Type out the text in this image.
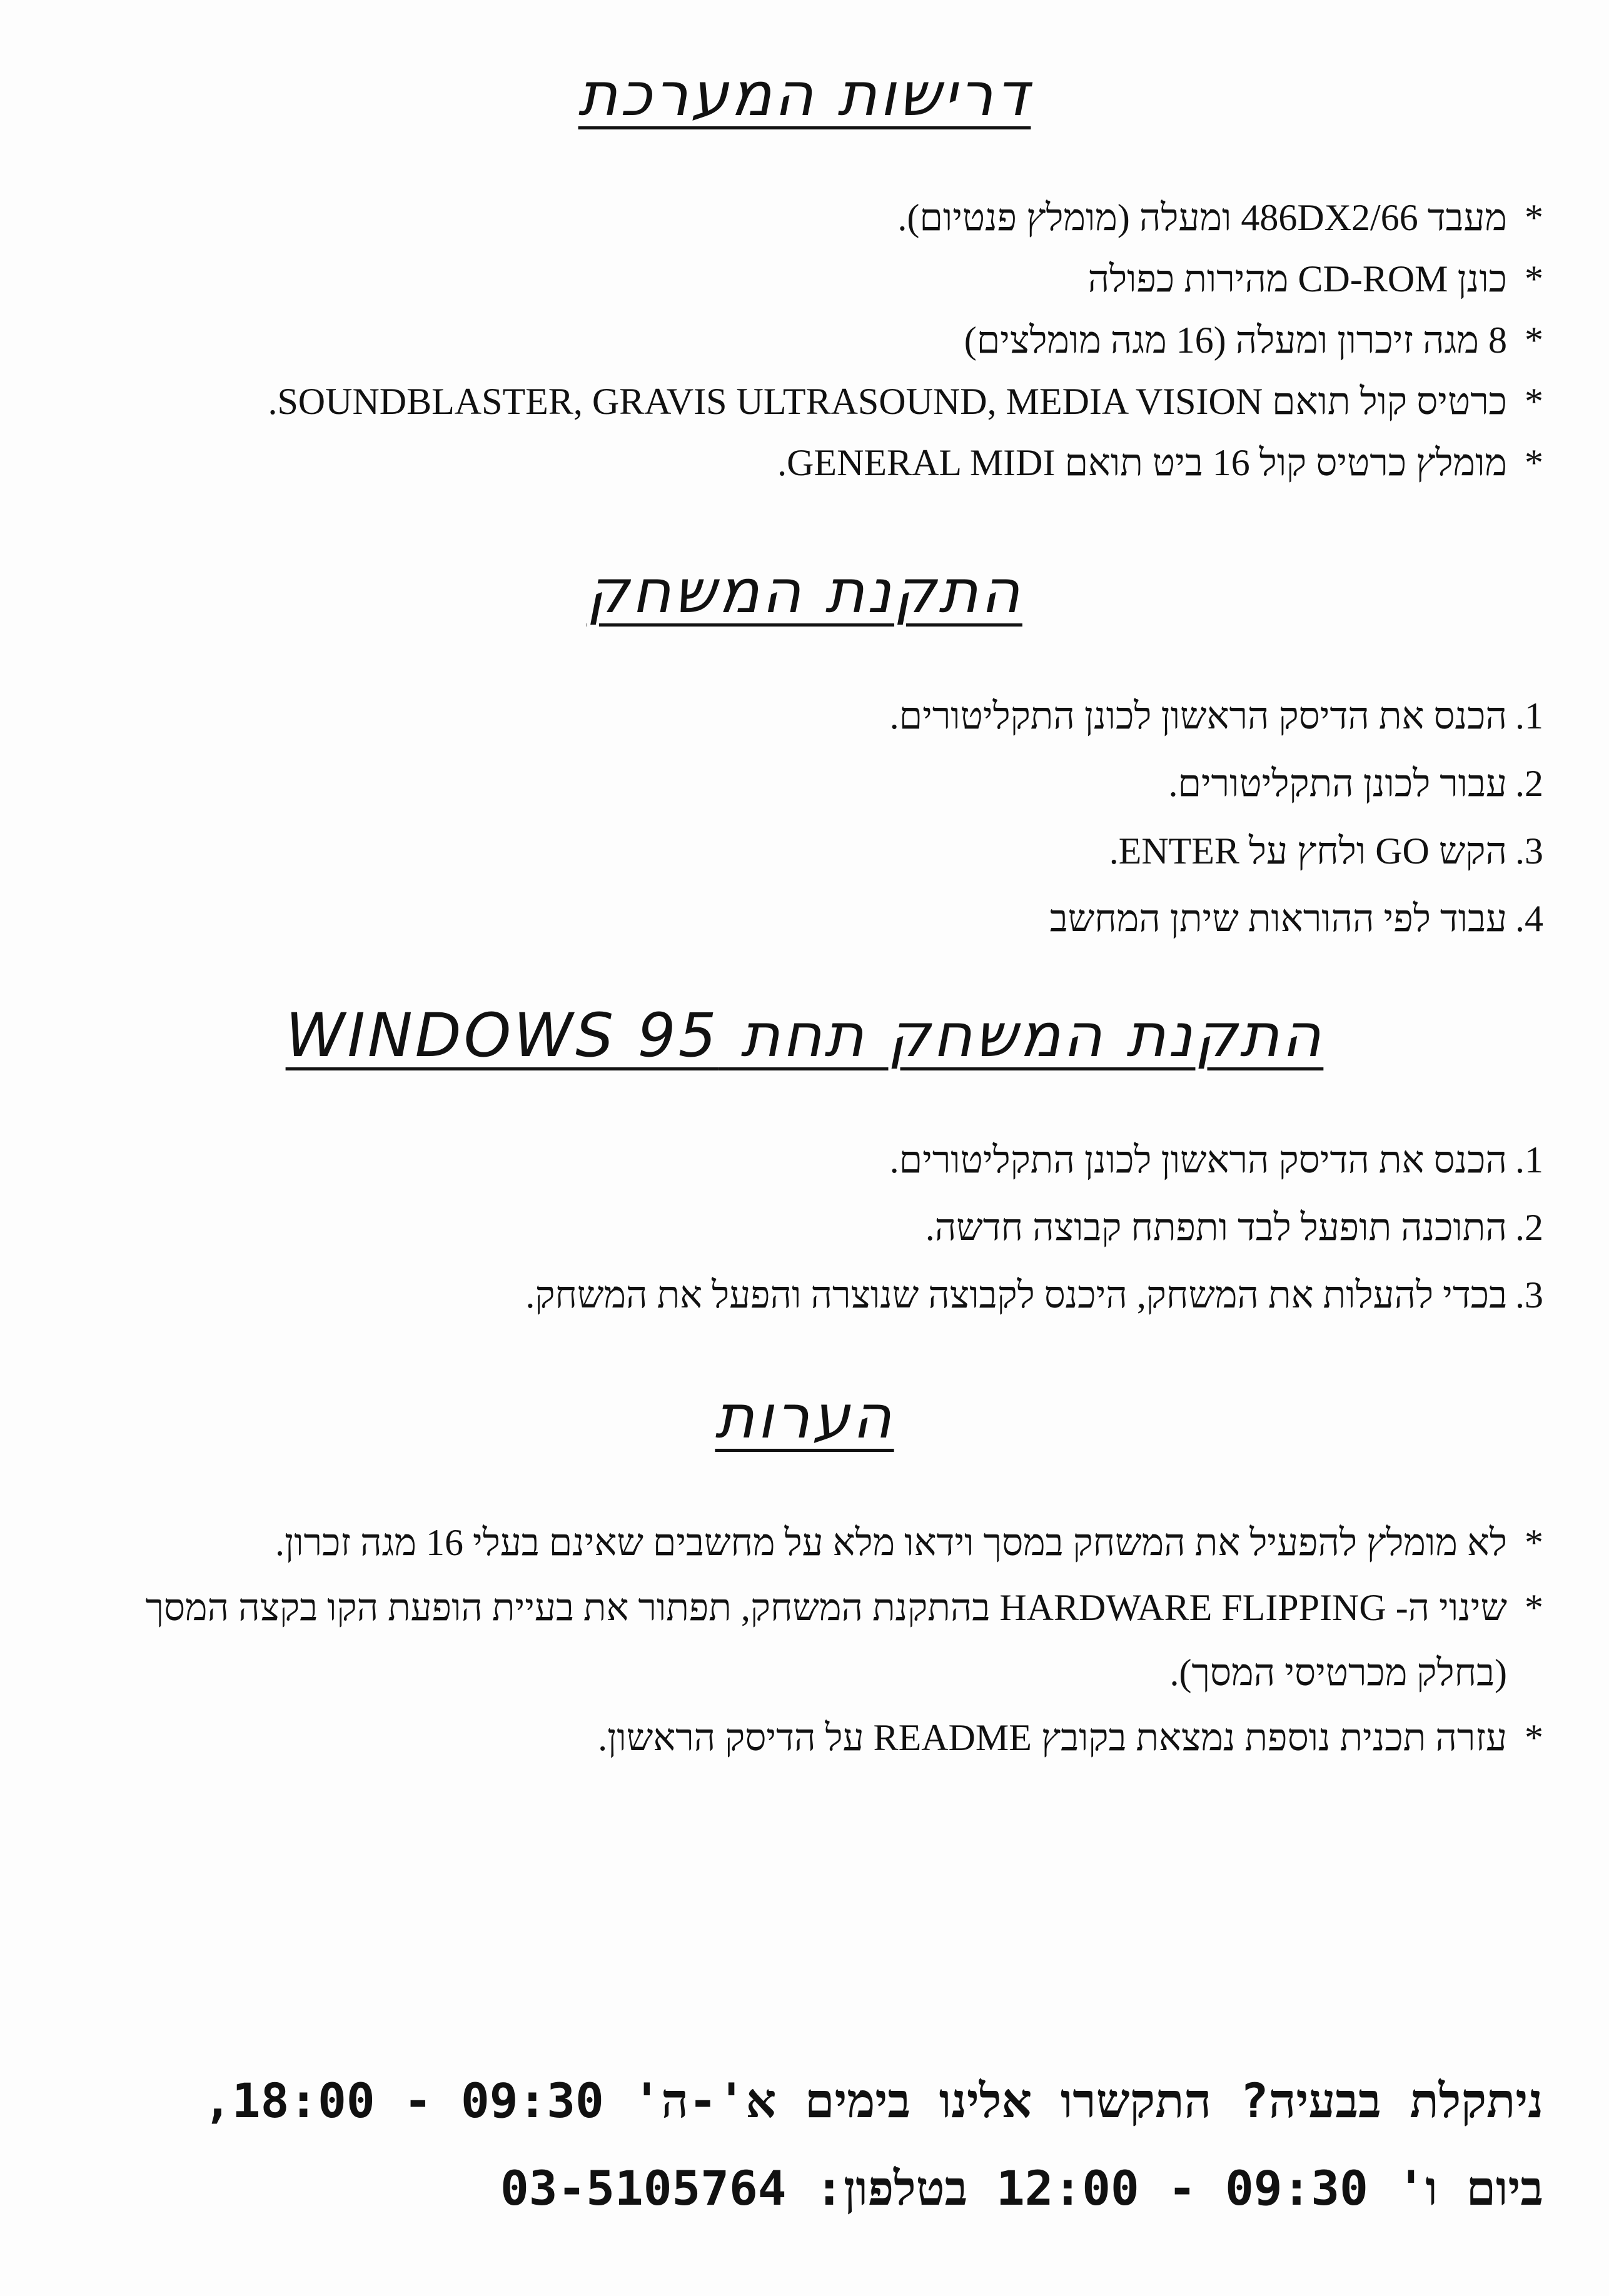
דרישות המערכת
*
מעבד 486DX2/66 ומעלה (מומלץ פנטיום).
*
כונן CD-ROM מהירות כפולה
*
8 מגה זיכרון ומעלה (16 מגה מומלצים)
*
כרטיס קול תואם SOUNDBLASTER, GRAVIS ULTRASOUND, MEDIA VISION.
*
מומלץ כרטיס קול 16 ביט תואם GENERAL MIDI.
התקנת המשחק
1.
הכנס את הדיסק הראשון לכונן התקליטורים.
2.
עבור לכונן התקליטורים.
3.
הקש GO ולחץ על ENTER.
4.
עבוד לפי ההוראות שיתן המחשב
התקנת המשחק תחת WINDOWS 95
1.
הכנס את הדיסק הראשון לכונן התקליטורים.
2.
התוכנה תופעל לבד ותפתח קבוצה חדשה.
3.
בכדי להעלות את המשחק, היכנס לקבוצה שנוצרה והפעל את המשחק.
הערות
*
לא מומלץ להפעיל את המשחק במסך וידאו מלא על מחשבים שאינם בעלי 16 מגה זכרון.
*
שינוי ה- HARDWARE FLIPPING בהתקנת המשחק, תפתור את בעיית הופעת הקו בקצה המסך (בחלק מכרטיסי המסך).
*
עזרה תכנית נוספת נמצאת בקובץ README על הדיסק הראשון.
ניתקלת בבעיה? התקשרו אלינו בימים א'-ה' 09:30 - 18:00,
ביום ו' 09:30 - 12:00 בטלפון: 03-5105764
